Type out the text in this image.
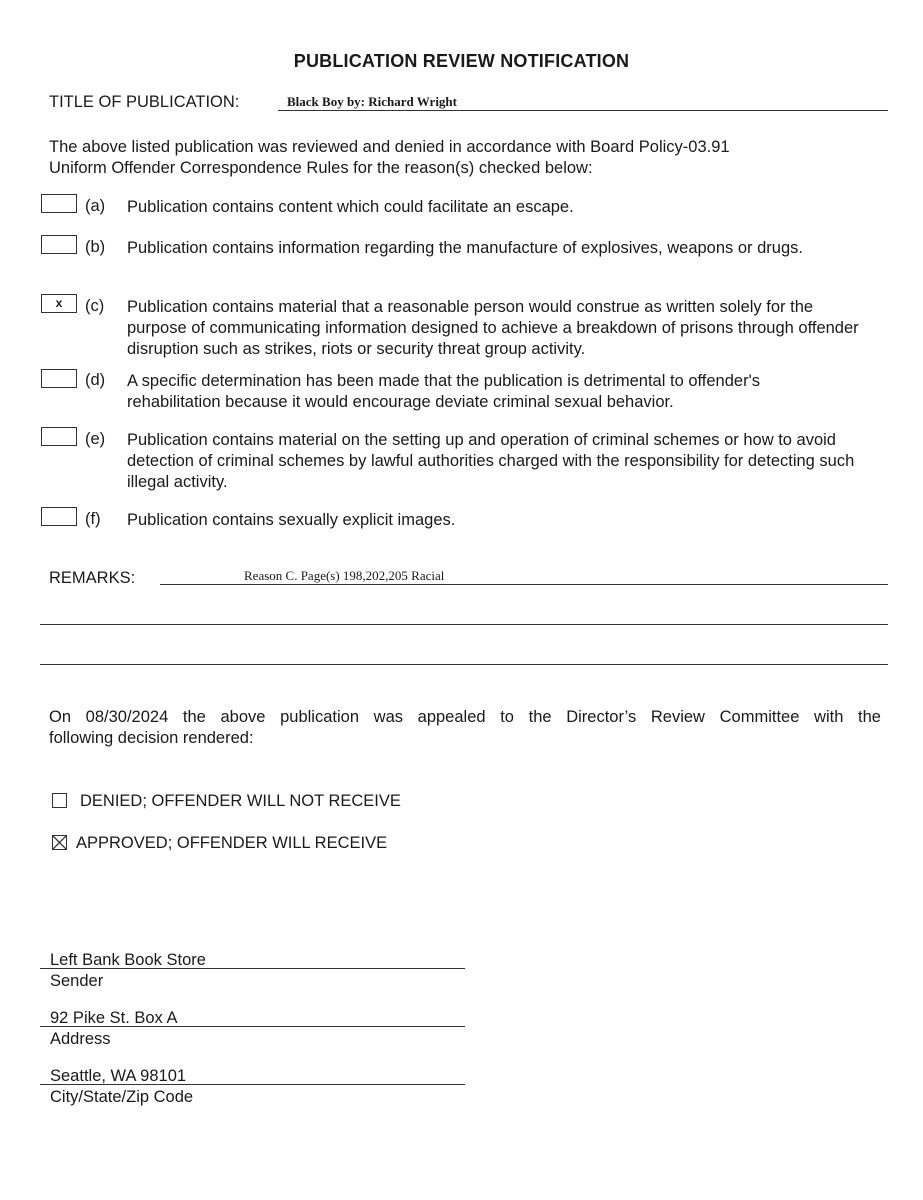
PUBLICATION REVIEW NOTIFICATION
TITLE OF PUBLICATION:	Black Boy by: Richard Wright
The above listed publication was reviewed and denied in accordance with Board Policy-03.91
Uniform Offender Correspondence Rules for the reason(s) checked below:
(a) Publication contains content which could facilitate an escape.
(b) Publication contains information regarding the manufacture of explosives, weapons or drugs.
x	(c) Publication contains material that a reasonable person would construe as written solely for the purpose of communicating information designed to achieve a breakdown of prisons through offender disruption such as strikes, riots or security threat group activity.
(d) A specific determination has been made that the publication is detrimental to offender's rehabilitation because it would encourage deviate criminal sexual behavior.
(e) Publication contains material on the setting up and operation of criminal schemes or how to avoid detection of criminal schemes by lawful authorities charged with the responsibility for detecting such illegal activity.
(f) Publication contains sexually explicit images.
REMARKS:	Reason C. Page(s) 198,202,205 Racial
On 08/30/2024 the above publication was appealed to the Director’s Review Committee with the
following decision rendered:
DENIED; OFFENDER WILL NOT RECEIVE
APPROVED; OFFENDER WILL RECEIVE
Left Bank Book Store
Sender
92 Pike St. Box A
Address
Seattle, WA 98101
City/State/Zip Code
